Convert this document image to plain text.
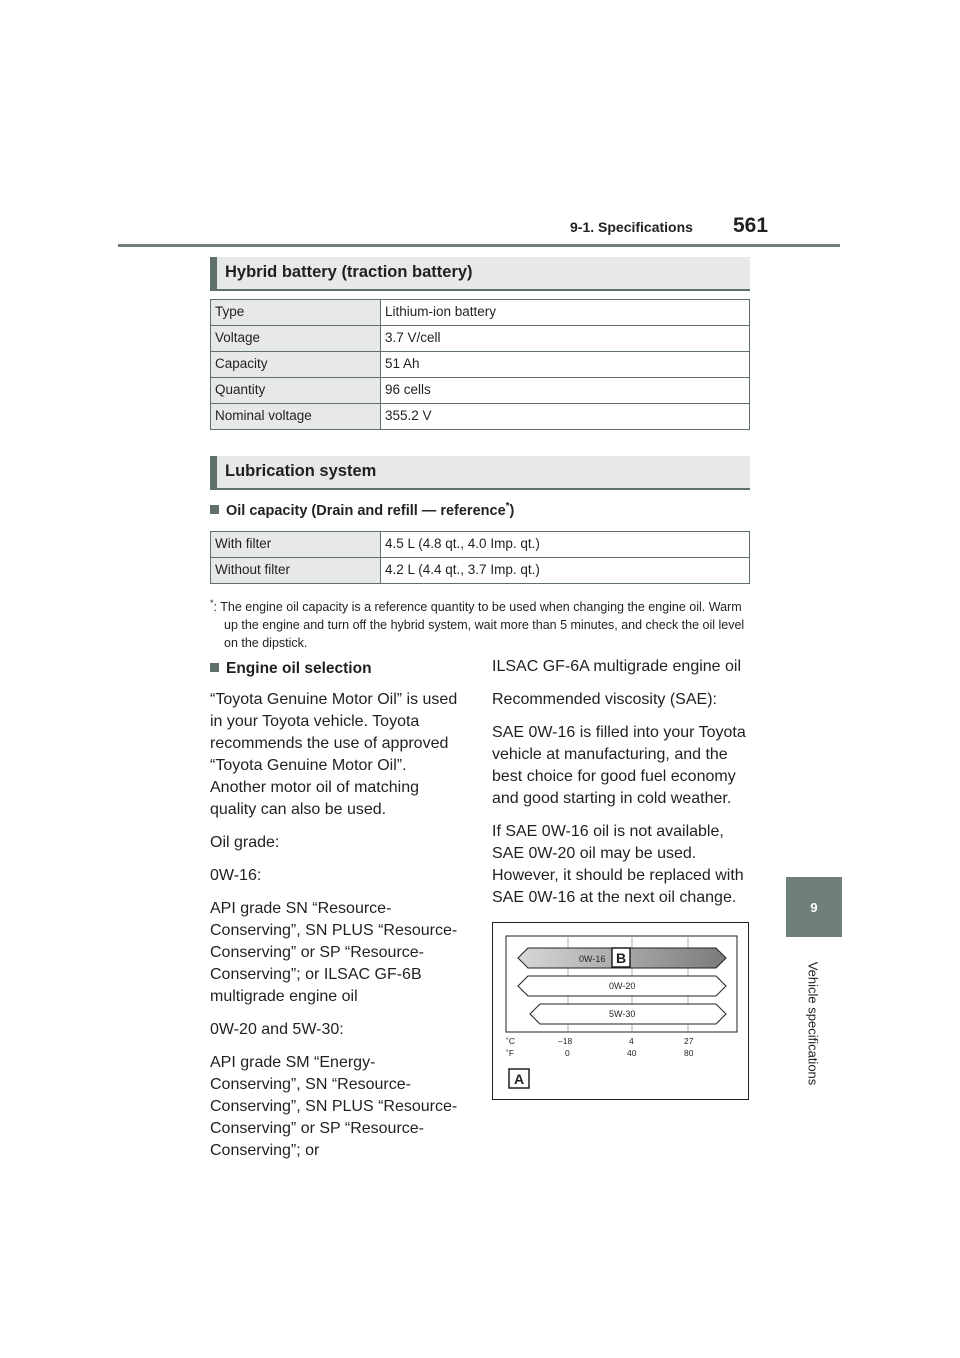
9-1. Specifications 561
9
Vehicle specifications
Hybrid battery (traction battery)
Type	Lithium-ion battery
Voltage	3.7 V/cell
Capacity	51 Ah
Quantity	96 cells
Nominal voltage	355.2 V
Lubrication system
Oil capacity (Drain and refill — reference*)
With filter	4.5 L (4.8 qt., 4.0 Imp. qt.)
Without filter	4.2 L (4.4 qt., 3.7 Imp. qt.)
*: The engine oil capacity is a reference quantity to be used when changing the engine oil. Warm up the engine and turn off the hybrid system, wait more than 5 minutes, and check the oil level on the dipstick.
Engine oil selection

“Toyota Genuine Motor Oil” is used in your Toyota vehicle. Toyota recommends the use of approved “Toyota Genuine Motor Oil”. Another motor oil of matching quality can also be used.

Oil grade:

0W-16:

API grade SN “Resource-Conserving”, SN PLUS “Resource-Conserving” or SP “Resource-Conserving”; or ILSAC GF-6B multigrade engine oil

0W-20 and 5W-30:

API grade SM “Energy-Conserving”, SN “Resource-Conserving”, SN PLUS “Resource-Conserving” or SP “Resource-Conserving”; or

ILSAC GF-6A multigrade engine oil

Recommended viscosity (SAE):

SAE 0W-16 is filled into your Toyota vehicle at manufacturing, and the best choice for good fuel economy and good starting in cold weather.

If SAE 0W-16 oil is not available, SAE 0W-20 oil may be used. However, it should be replaced with SAE 0W-16 at the next oil change.

0W-16 B
0W-20
5W-30
˚C
˚F
–18	4	27
0	40	80
A
